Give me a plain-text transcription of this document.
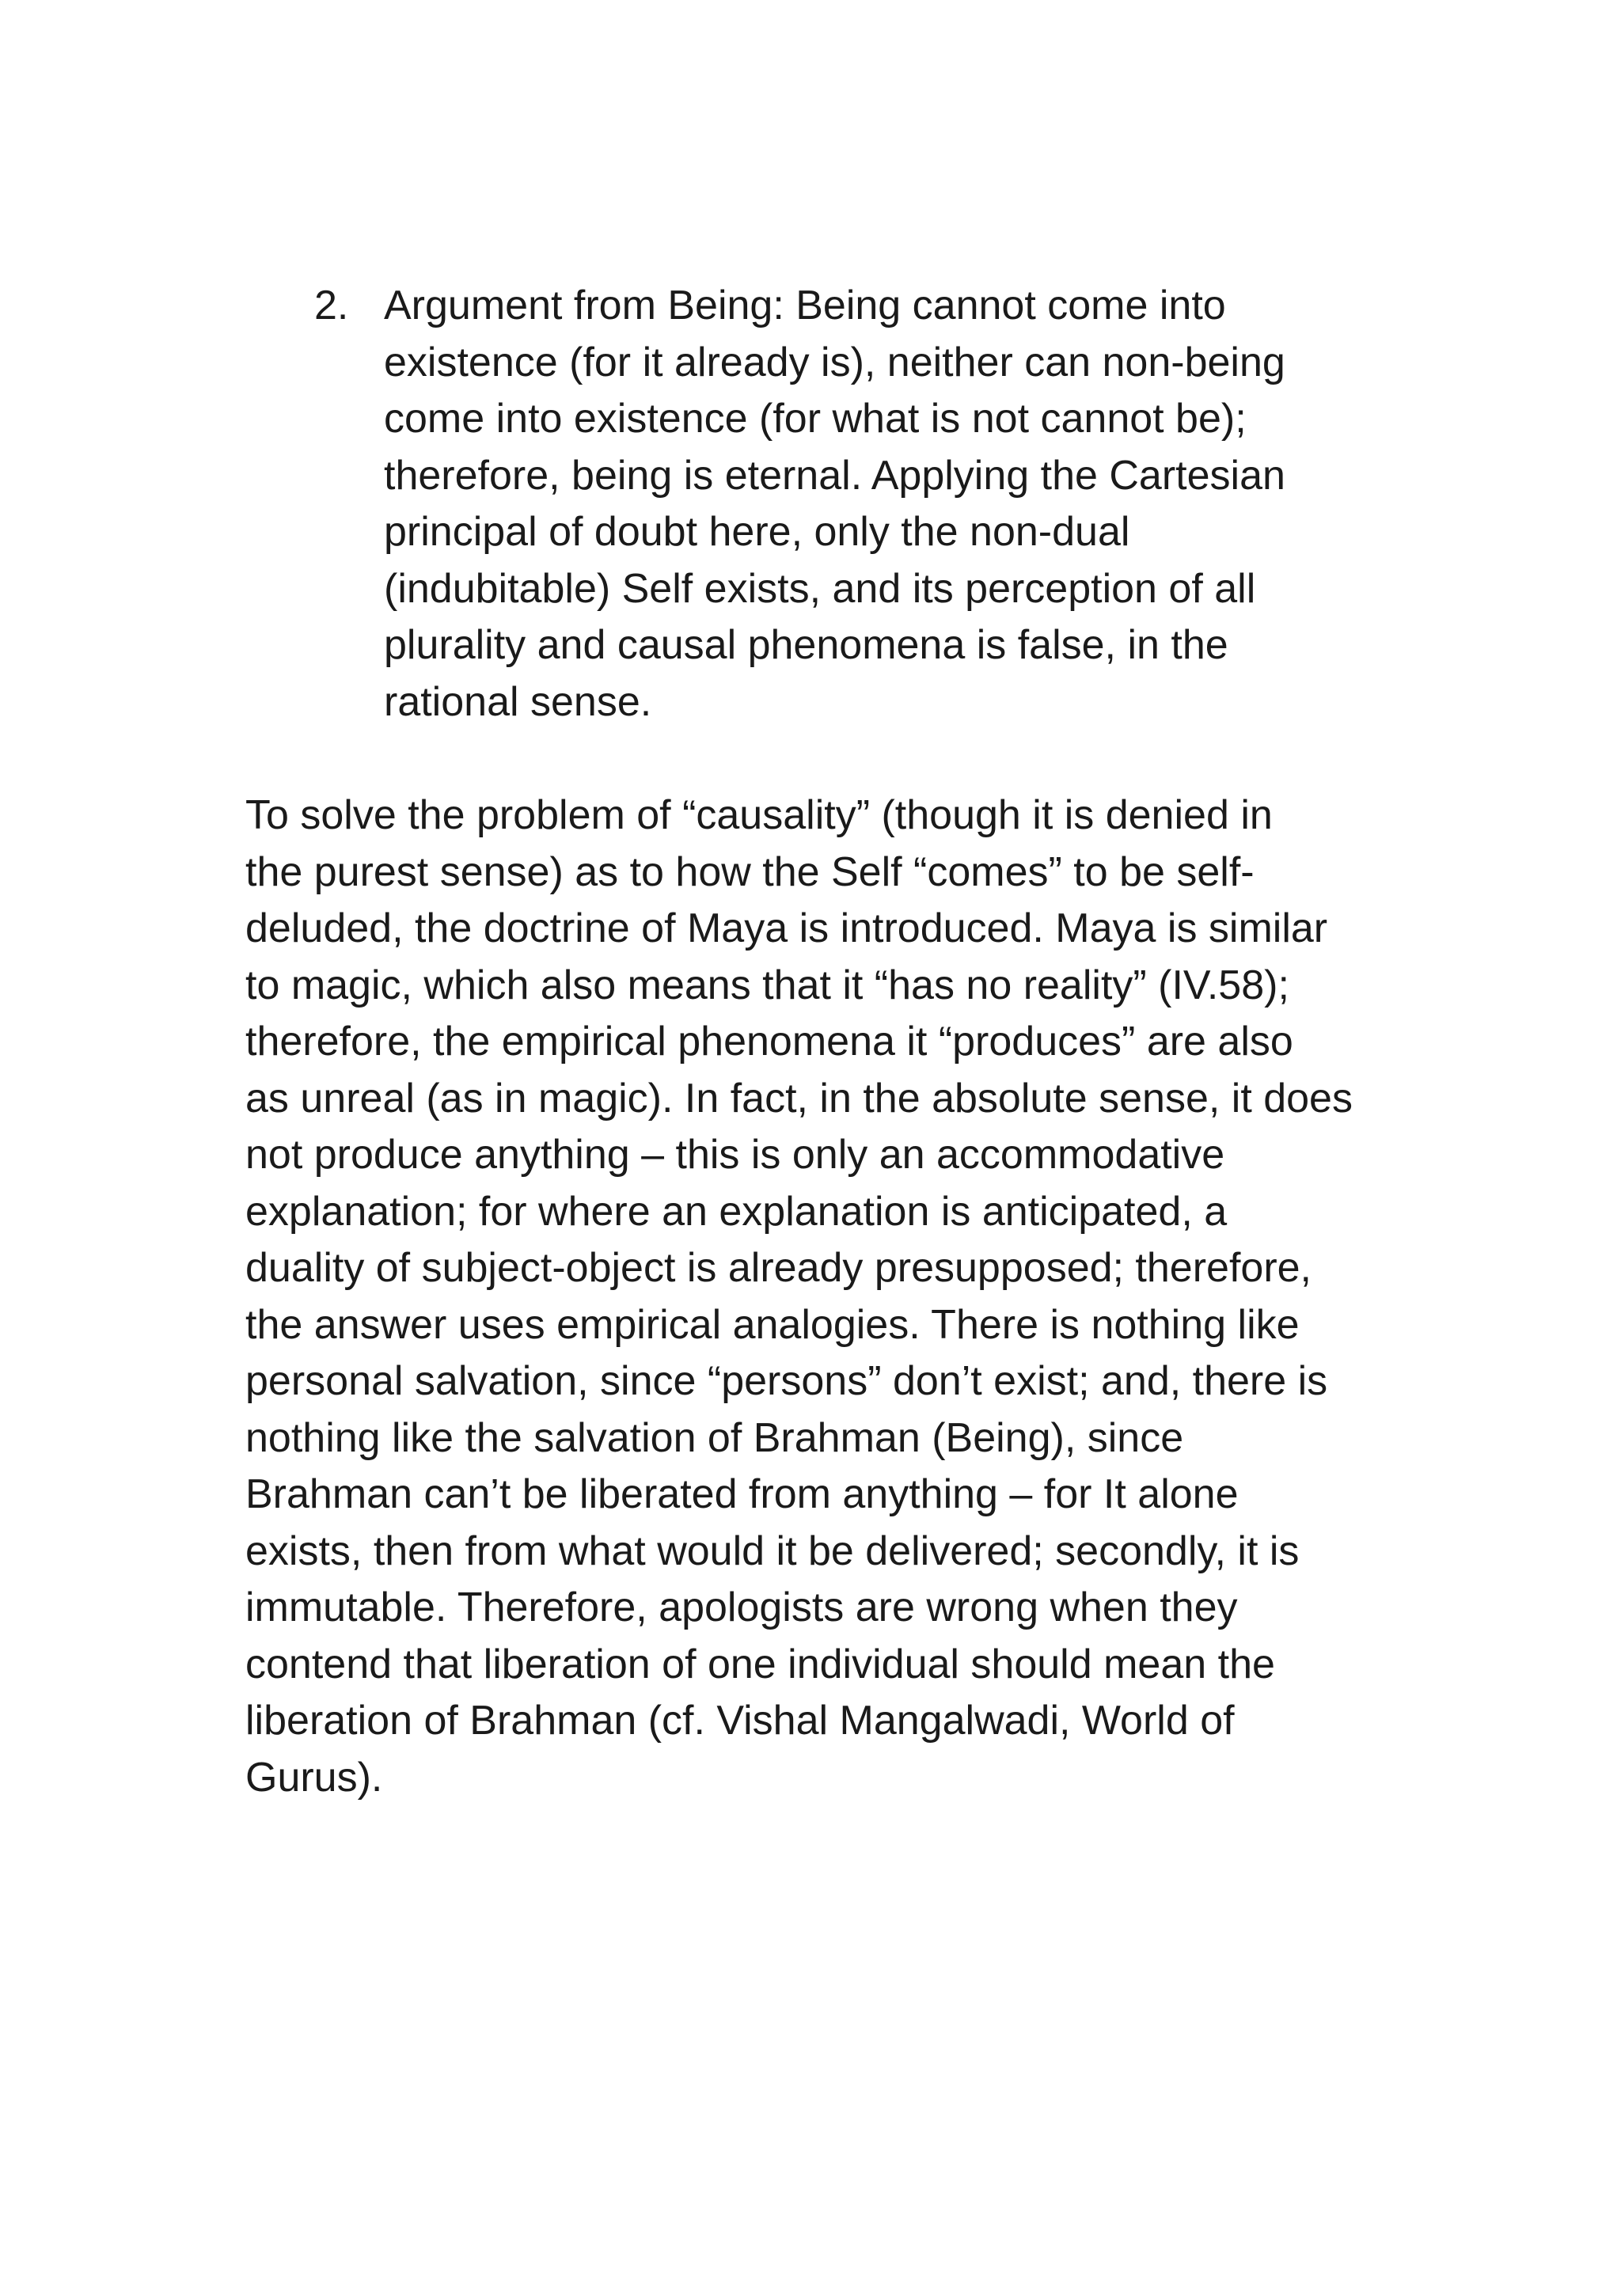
2. Argument from Being: Being cannot come into
existence (for it already is), neither can non-being
come into existence (for what is not cannot be);
therefore, being is eternal. Applying the Cartesian
principal of doubt here, only the non-dual
(indubitable) Self exists, and its perception of all
plurality and causal phenomena is false, in the
rational sense.
To solve the problem of “causality” (though it is denied in
the purest sense) as to how the Self “comes” to be self-
deluded, the doctrine of Maya is introduced. Maya is similar
to magic, which also means that it “has no reality” (IV.58);
therefore, the empirical phenomena it “produces” are also
as unreal (as in magic). In fact, in the absolute sense, it does
not produce anything – this is only an accommodative
explanation; for where an explanation is anticipated, a
duality of subject-object is already presupposed; therefore,
the answer uses empirical analogies. There is nothing like
personal salvation, since “persons” don’t exist; and, there is
nothing like the salvation of Brahman (Being), since
Brahman can’t be liberated from anything – for It alone
exists, then from what would it be delivered; secondly, it is
immutable. Therefore, apologists are wrong when they
contend that liberation of one individual should mean the
liberation of Brahman (cf. Vishal Mangalwadi, World of
Gurus).
